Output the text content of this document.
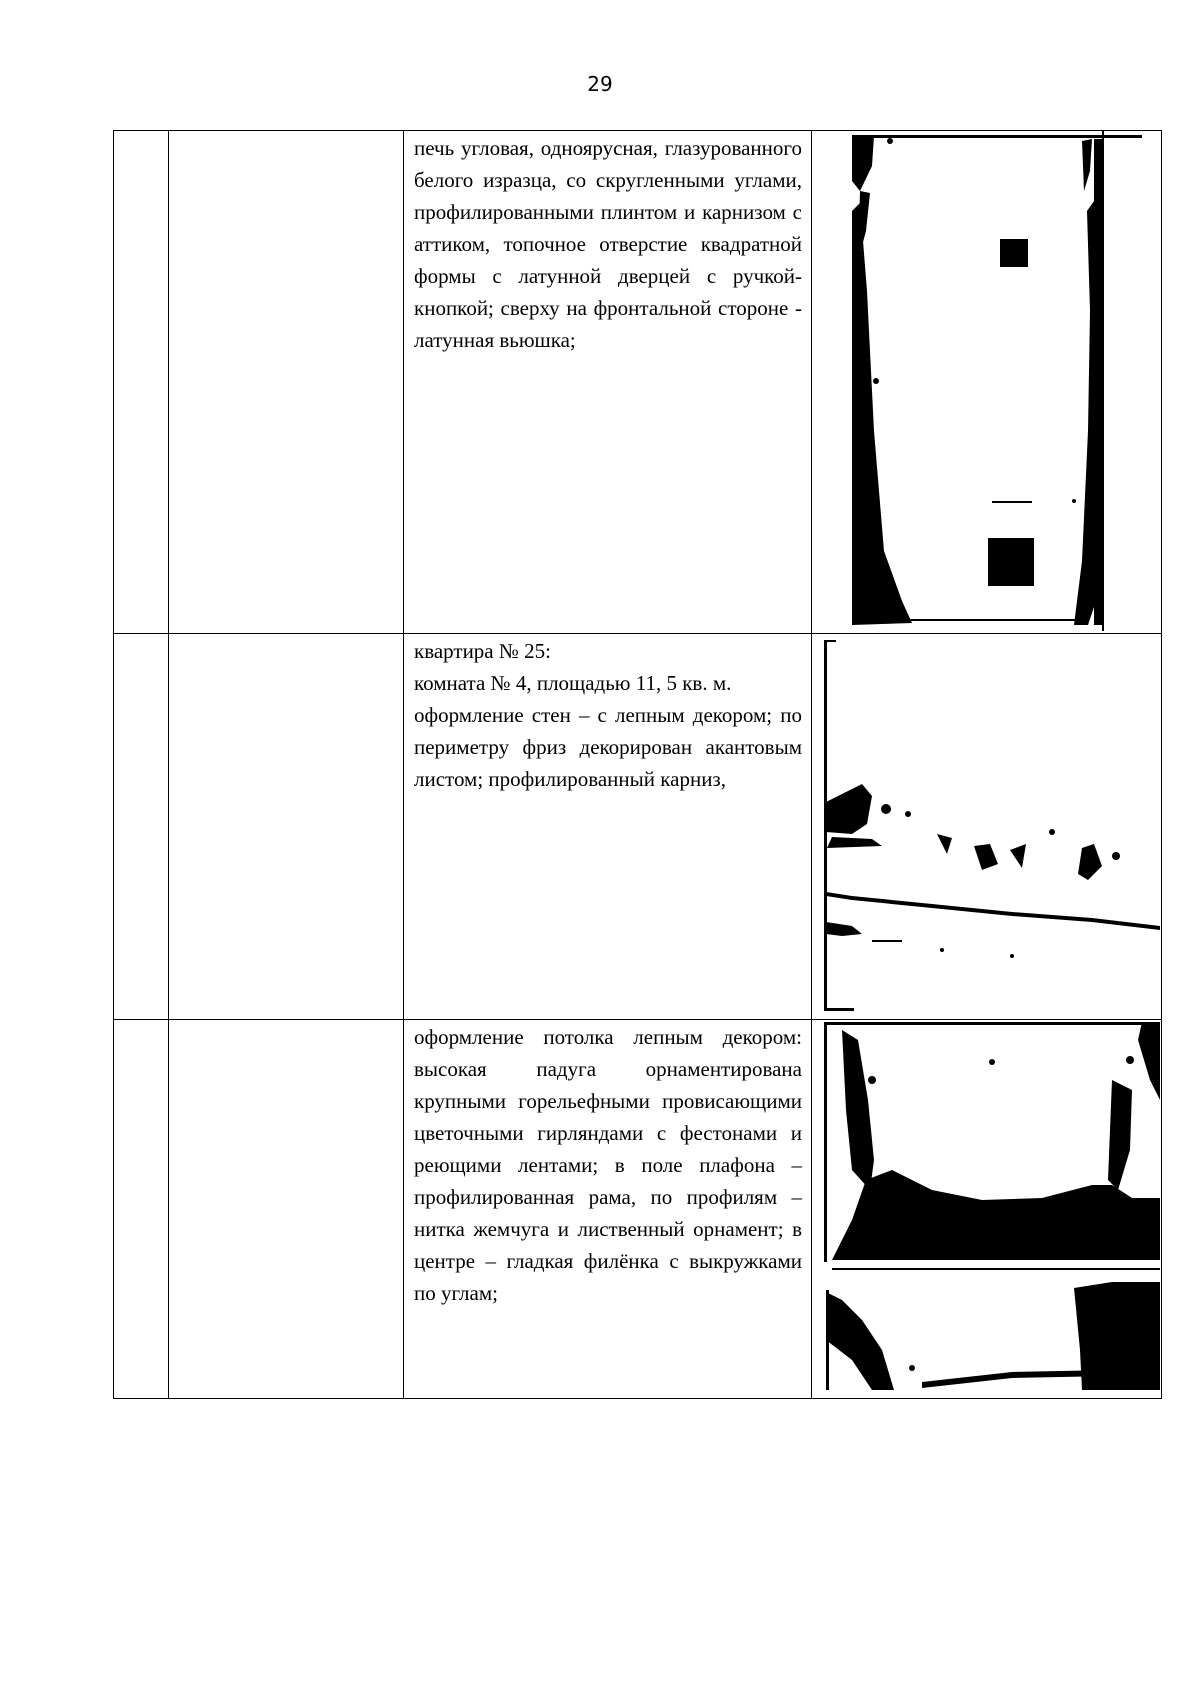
29

		печь угловая, одноярусная, глазурованного белого изразца, со скругленными углами, профилированными плинтом и карнизом с аттиком, топочное отверстие квадратной формы с латунной дверцей с ручкой-кнопкой; сверху на фронтальной стороне - латунная вьюшка;

		квартира № 25:

комната № 4, площадью 11, 5 кв. м.

оформление стен – с лепным декором; по периметру фриз декорирован акантовым листом; профилированный карниз,

		оформление потолка лепным декором: высокая падуга орнаментирована крупными горельефными провисающими цветочными гирляндами с фестонами и реющими лентами; в поле плафона – профилированная рама, по профилям – нитка жемчуга и лиственный орнамент; в центре – гладкая филёнка с выкружками по углам;
